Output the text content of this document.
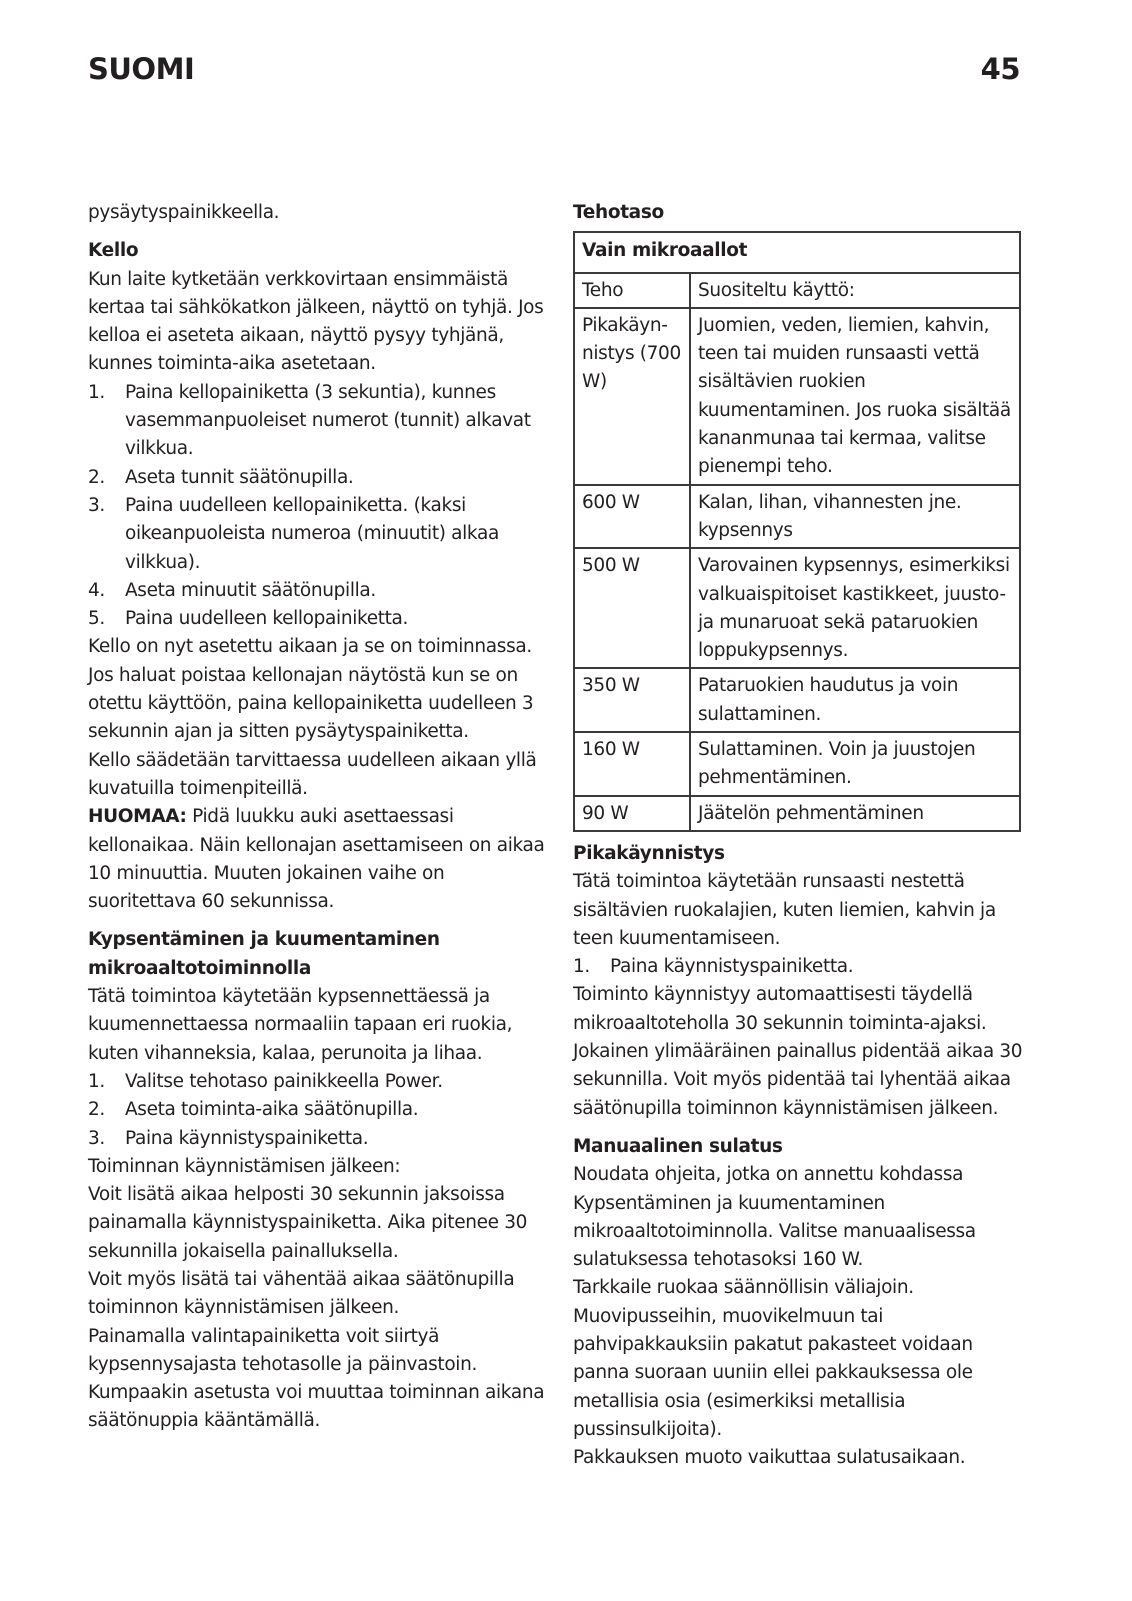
SUOMI	45

pysäytyspainikkeella.

Kello

Kun laite kytketään verkkovirtaan ensimmäistä kertaa tai sähkökatkon jälkeen, näyttö on tyhjä. Jos kelloa ei aseteta aikaan, näyttö pysyy tyhjänä, kunnes toiminta-aika asetetaan.

1.	Paina kellopainiketta (3 sekuntia), kunnes vasemmanpuoleiset numerot (tunnit) alkavat vilkkua.
2.	Aseta tunnit säätönupilla.
3.	Paina uudelleen kellopainiketta. (kaksi oikeanpuoleista numeroa (minuutit) alkaa vilkkua).
4.	Aseta minuutit säätönupilla.
5.	Paina uudelleen kellopainiketta.

Kello on nyt asetettu aikaan ja se on toiminnassa.

Jos haluat poistaa kellonajan näytöstä kun se on otettu käyttöön, paina kellopainiketta uudelleen 3 sekunnin ajan ja sitten pysäytyspainiketta.

Kello säädetään tarvittaessa uudelleen aikaan yllä kuvatuilla toimenpiteillä.

HUOMAA: Pidä luukku auki asettaessasi kellonaikaa. Näin kellonajan asettamiseen on aikaa 10 minuuttia. Muuten jokainen vaihe on suoritettava 60 sekunnissa.

Kypsentäminen ja kuumentaminen mikroaaltotoiminnolla

Tätä toimintoa käytetään kypsennettäessä ja kuumennettaessa normaaliin tapaan eri ruokia, kuten vihanneksia, kalaa, perunoita ja lihaa.

1.	Valitse tehotaso painikkeella Power.
2.	Aseta toiminta-aika säätönupilla.
3.	Paina käynnistyspainiketta.

Toiminnan käynnistämisen jälkeen:

Voit lisätä aikaa helposti 30 sekunnin jaksoissa painamalla käynnistyspainiketta. Aika pitenee 30 sekunnilla jokaisella painalluksella.

Voit myös lisätä tai vähentää aikaa säätönupilla toiminnon käynnistämisen jälkeen.

Painamalla valintapainiketta voit siirtyä kypsennysajasta tehotasolle ja päinvastoin. Kumpaakin asetusta voi muuttaa toiminnan aikana säätönuppia kääntämällä.

Tehotaso

Vain mikroaallot	
Teho	Suositeltu käyttö:
Pikakäyn-nistys (700 W)	Juomien, veden, liemien, kahvin, teen tai muiden runsaasti vettä sisältävien ruokien kuumentaminen. Jos ruoka sisältää kananmunaa tai kermaa, valitse pienempi teho.
600 W	Kalan, lihan, vihannesten jne. kypsennys
500 W	Varovainen kypsennys, esimerkiksi valkuaispitoiset kastikkeet, juusto- ja munaruoat sekä pataruokien loppukypsennys.
350 W	Pataruokien haudutus ja voin sulattaminen.
160 W	Sulattaminen. Voin ja juustojen pehmentäminen.
90 W	Jäätelön pehmentäminen

Pikakäynnistys

Tätä toimintoa käytetään runsaasti nestettä sisältävien ruokalajien, kuten liemien, kahvin ja teen kuumentamiseen.

1.	Paina käynnistyspainiketta.

Toiminto käynnistyy automaattisesti täydellä mikroaaltoteholla 30 sekunnin toiminta-ajaksi. Jokainen ylimääräinen painallus pidentää aikaa 30 sekunnilla. Voit myös pidentää tai lyhentää aikaa säätönupilla toiminnon käynnistämisen jälkeen.

Manuaalinen sulatus

Noudata ohjeita, jotka on annettu kohdassa Kypsentäminen ja kuumentaminen mikroaaltotoiminnolla. Valitse manuaalisessa sulatuksessa tehotasoksi 160 W.

Tarkkaile ruokaa säännöllisin väliajoin.

Muovipusseihin, muovikelmuun tai pahvipakkauksiin pakatut pakasteet voidaan panna suoraan uuniin ellei pakkauksessa ole metallisia osia (esimerkiksi metallisia pussinsulkijoita).

Pakkauksen muoto vaikuttaa sulatusaikaan.
